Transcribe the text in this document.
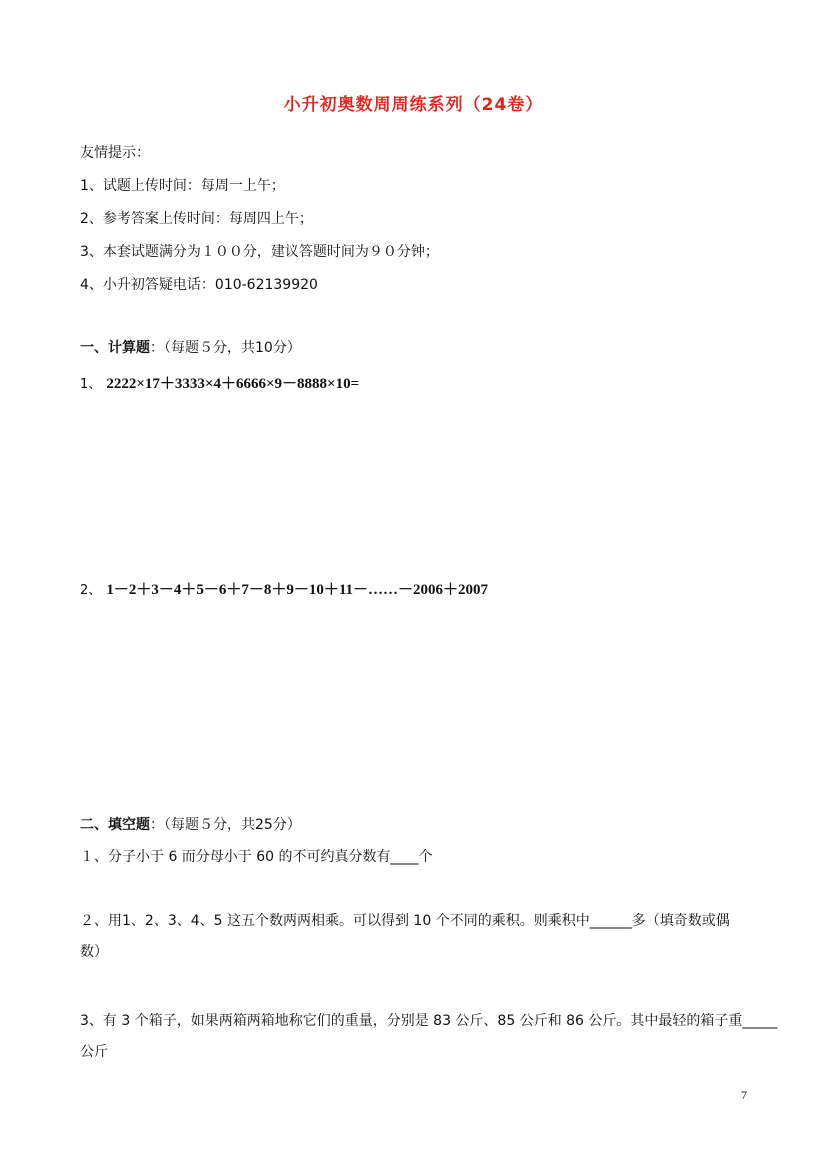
小升初奥数周周练系列（24卷）
友情提示：
1、试题上传时间：每周一上午；
2、参考答案上传时间：每周四上午；
3、本套试题满分为１００分，建议答题时间为９０分钟；
4、小升初答疑电话：010-62139920
一、计算题：（每题５分，共10分）
1、 2222×17＋3333×4＋6666×9－8888×10=
2、 1－2＋3－4＋5－6＋7－8＋9－10＋11－……－2006＋2007
二、填空题：（每题５分，共25分）
１、分子小于 6 而分母小于 60 的不可约真分数有____个
２、用1、2、3、4、5 这五个数两两相乘。可以得到 10 个不同的乘积。则乘积中______多（填奇数或偶
数）
3、有 3 个箱子，如果两箱两箱地称它们的重量，分别是 83 公斤、85 公斤和 86 公斤。其中最轻的箱子重_____
公斤
7
